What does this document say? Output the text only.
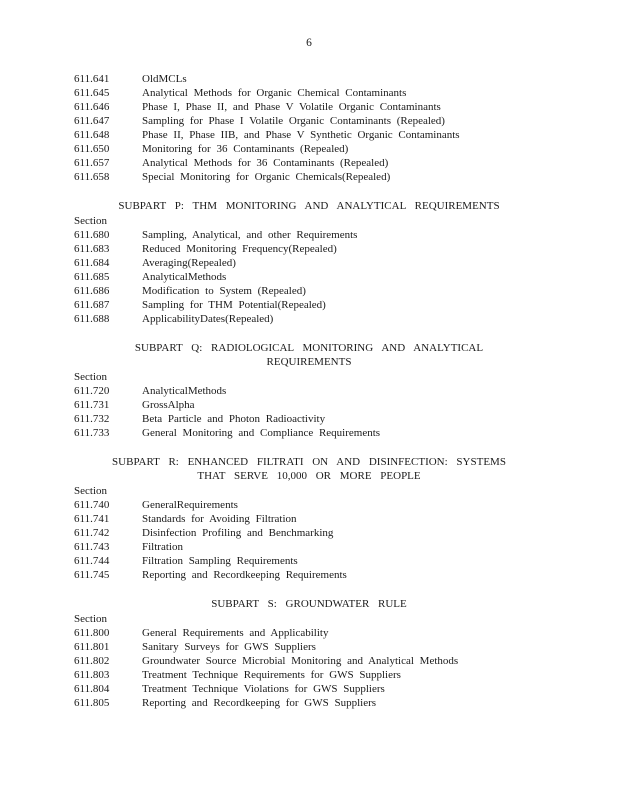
6
611.641	OldMCLs
611.645	Analytical Methods for Organic Chemical Contaminants
611.646	Phase I, Phase II, and Phase V Volatile Organic Contaminants
611.647	Sampling for Phase I Volatile Organic Contaminants (Repealed)
611.648	Phase II, Phase IIB, and Phase V Synthetic Organic Contaminants
611.650	Monitoring for 36 Contaminants (Repealed)
611.657	Analytical Methods for 36 Contaminants (Repealed)
611.658	Special Monitoring for Organic Chemicals(Repealed)
SUBPART P: THM MONITORING AND ANALYTICAL REQUIREMENTS
Section
611.680	Sampling, Analytical, and other Requirements
611.683	Reduced Monitoring Frequency(Repealed)
611.684	Averaging(Repealed)
611.685	AnalyticalMethods
611.686	Modification to System (Repealed)
611.687	Sampling for THM Potential(Repealed)
611.688	ApplicabilityDates(Repealed)
SUBPART Q: RADIOLOGICAL MONITORING AND ANALYTICAL
REQUIREMENTS
Section
611.720	AnalyticalMethods
611.731	GrossAlpha
611.732	Beta Particle and Photon Radioactivity
611.733	General Monitoring and Compliance Requirements
SUBPART R: ENHANCED FILTRATI ON AND DISINFECTION: SYSTEMS
THAT SERVE 10,000 OR MORE PEOPLE
Section
611.740	GeneralRequirements
611.741	Standards for Avoiding Filtration
611.742	Disinfection Profiling and Benchmarking
611.743	Filtration
611.744	Filtration Sampling Requirements
611.745	Reporting and Recordkeeping Requirements
SUBPART S: GROUNDWATER RULE
Section
611.800	General Requirements and Applicability
611.801	Sanitary Surveys for GWS Suppliers
611.802	Groundwater Source Microbial Monitoring and Analytical Methods
611.803	Treatment Technique Requirements for GWS Suppliers
611.804	Treatment Technique Violations for GWS Suppliers
611.805	Reporting and Recordkeeping for GWS Suppliers
